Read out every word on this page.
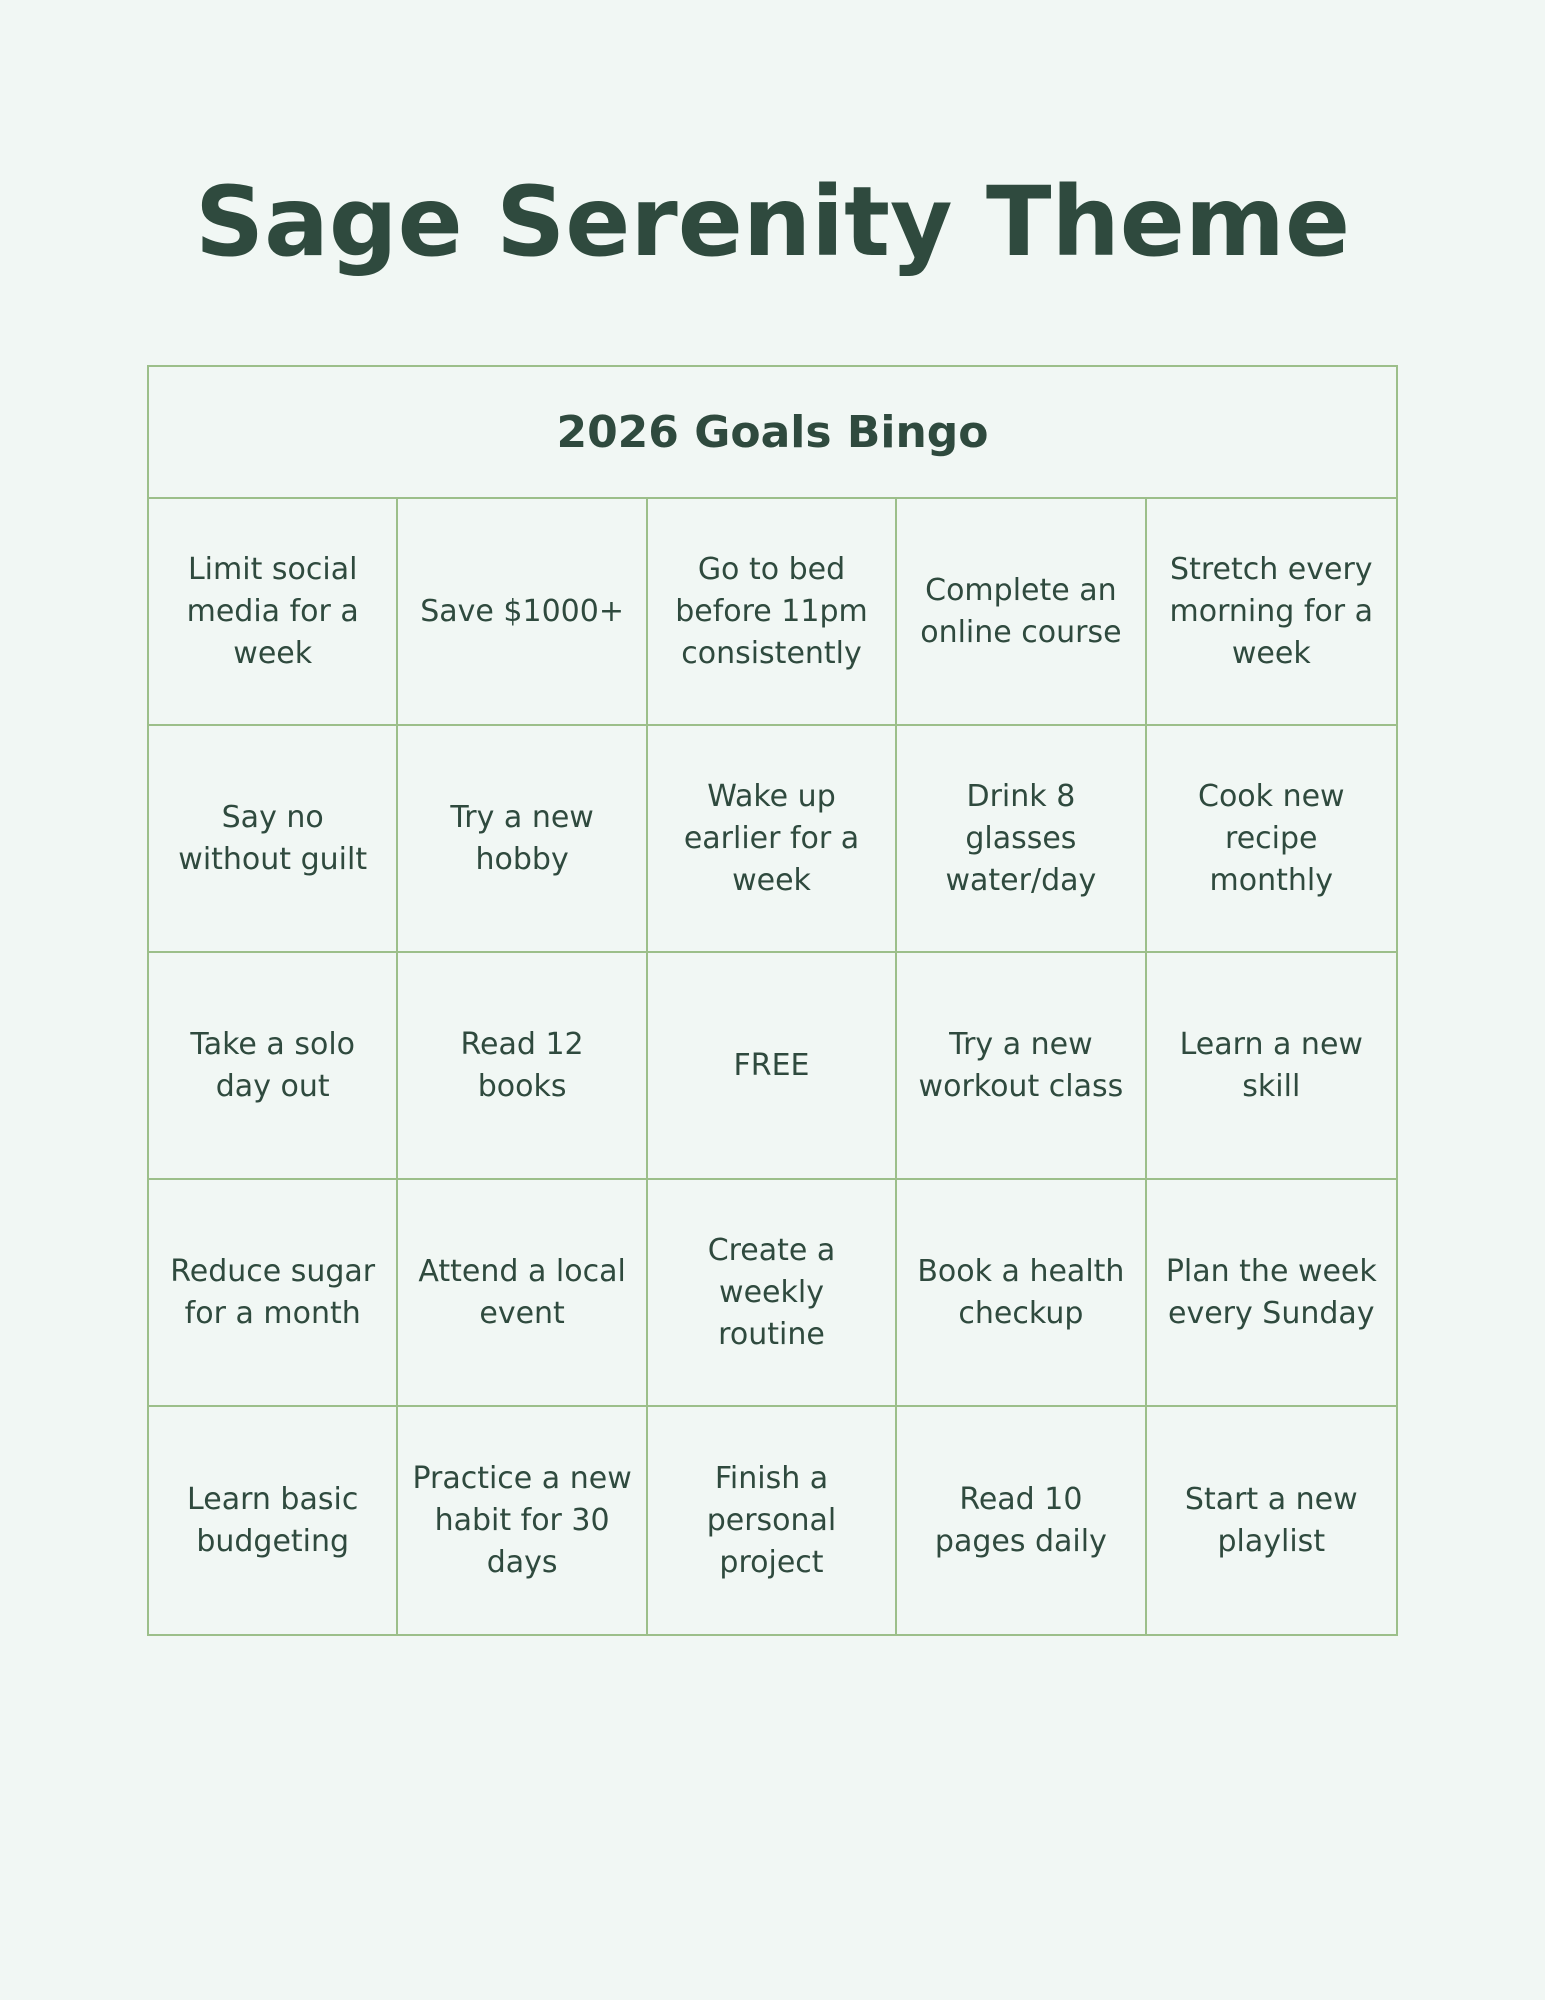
Sage Serenity Theme
2026 Goals Bingo
Limit social media for a week
Save $1000+
Go to bed before 11pm consistently
Complete an online course
Stretch every morning for a week
Say no without guilt
Try a new hobby
Wake up earlier for a week
Drink 8 glasses water/day
Cook new recipe monthly
Take a solo day out
Read 12 books
FREE
Try a new workout class
Learn a new skill
Reduce sugar for a month
Attend a local event
Create a weekly routine
Book a health checkup
Plan the week every Sunday
Learn basic budgeting
Practice a new habit for 30 days
Finish a personal project
Read 10 pages daily
Start a new playlist
